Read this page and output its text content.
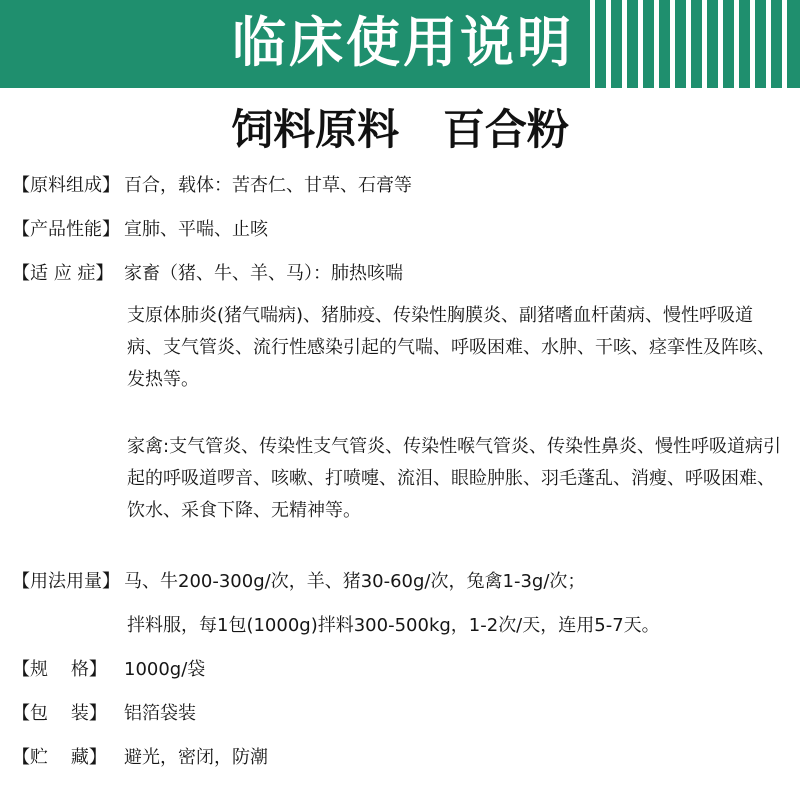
临床使用说明
饲料原料   百合粉
【原料组成】 百合，载体：苦杏仁、甘草、石膏等
【产品性能】 宣肺、平喘、止咳
【适 应 症】 家畜（猪、牛、羊、马）：肺热咳喘
支原体肺炎(猪气喘病)、猪肺疫、传染性胸膜炎、副猪嗜血杆菌病、慢性呼吸道病、支气管炎、流行性感染引起的气喘、呼吸困难、水肿、干咳、痉挛性及阵咳、发热等。
家禽:支气管炎、传染性支气管炎、传染性喉气管炎、传染性鼻炎、慢性呼吸道病引起的呼吸道啰音、咳嗽、打喷嚏、流泪、眼睑肿胀、羽毛蓬乱、消瘦、呼吸困难、饮水、采食下降、无精神等。
【用法用量】 马、牛200-300g/次，羊、猪30-60g/次，兔禽1-3g/次；
拌料服，每1包(1000g)拌料300-500kg，1-2次/天，连用5-7天。
【规    格】 1000g/袋
【包    装】 铝箔袋装
【贮    藏】 避光，密闭，防潮
